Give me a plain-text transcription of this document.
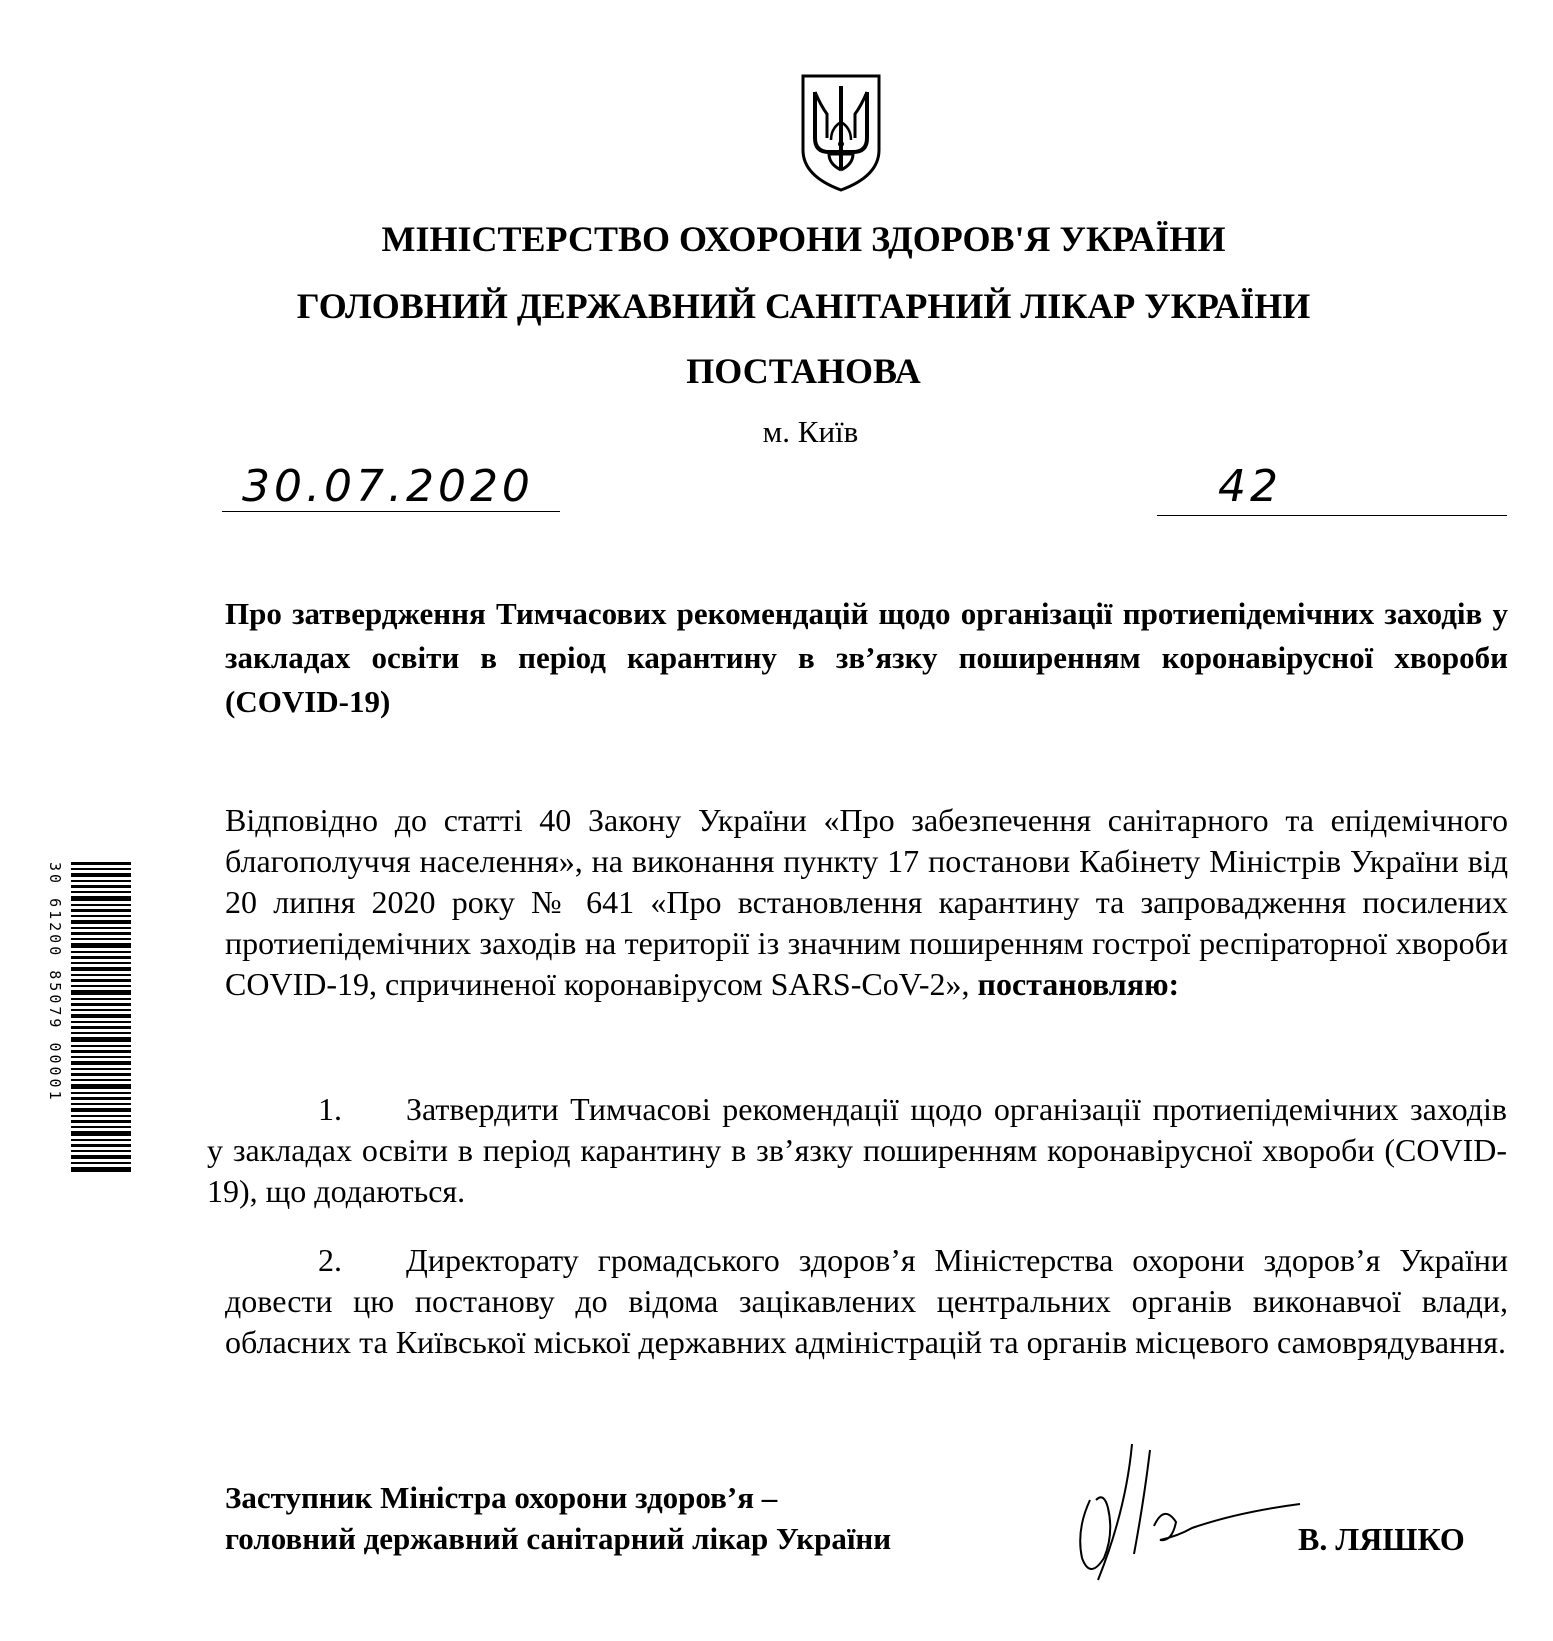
МІНІСТЕРСТВО ОХОРОНИ ЗДОРОВ'Я УКРАЇНИ
ГОЛОВНИЙ ДЕРЖАВНИЙ САНІТАРНИЙ ЛІКАР УКРАЇНИ
ПОСТАНОВА
м. Київ
30.07.2020	42
Про затвердження Тимчасових рекомендацій щодо організації протиепідемічних заходів у закладах освіти в період карантину в зв’язку поширенням коронавірусної хвороби (COVID-19)
Відповідно до статті 40 Закону України «Про забезпечення санітарного та епідемічного благополуччя населення», на виконання пункту 17 постанови Кабінету Міністрів України від 20 липня 2020 року № 641 «Про встановлення карантину та запровадження посилених протиепідемічних заходів на території із значним поширенням гострої респіраторної хвороби COVID-19, спричиненої коронавірусом SARS-CoV-2», постановляю:
1.  Затвердити Тимчасові рекомендації щодо організації протиепідемічних заходів у закладах освіти в період карантину в зв’язку поширенням коронавірусної хвороби (COVID-19), що додаються.
2.  Директорату громадського здоров’я Міністерства охорони здоров’я України довести цю постанову до відома зацікавлених центральних органів виконавчої влади, обласних та Київської міської державних адміністрацій та органів місцевого самоврядування.
Заступник Міністра охорони здоров’я –
головний державний санітарний лікар України	В. ЛЯШКО
30 61200 85079 00001
